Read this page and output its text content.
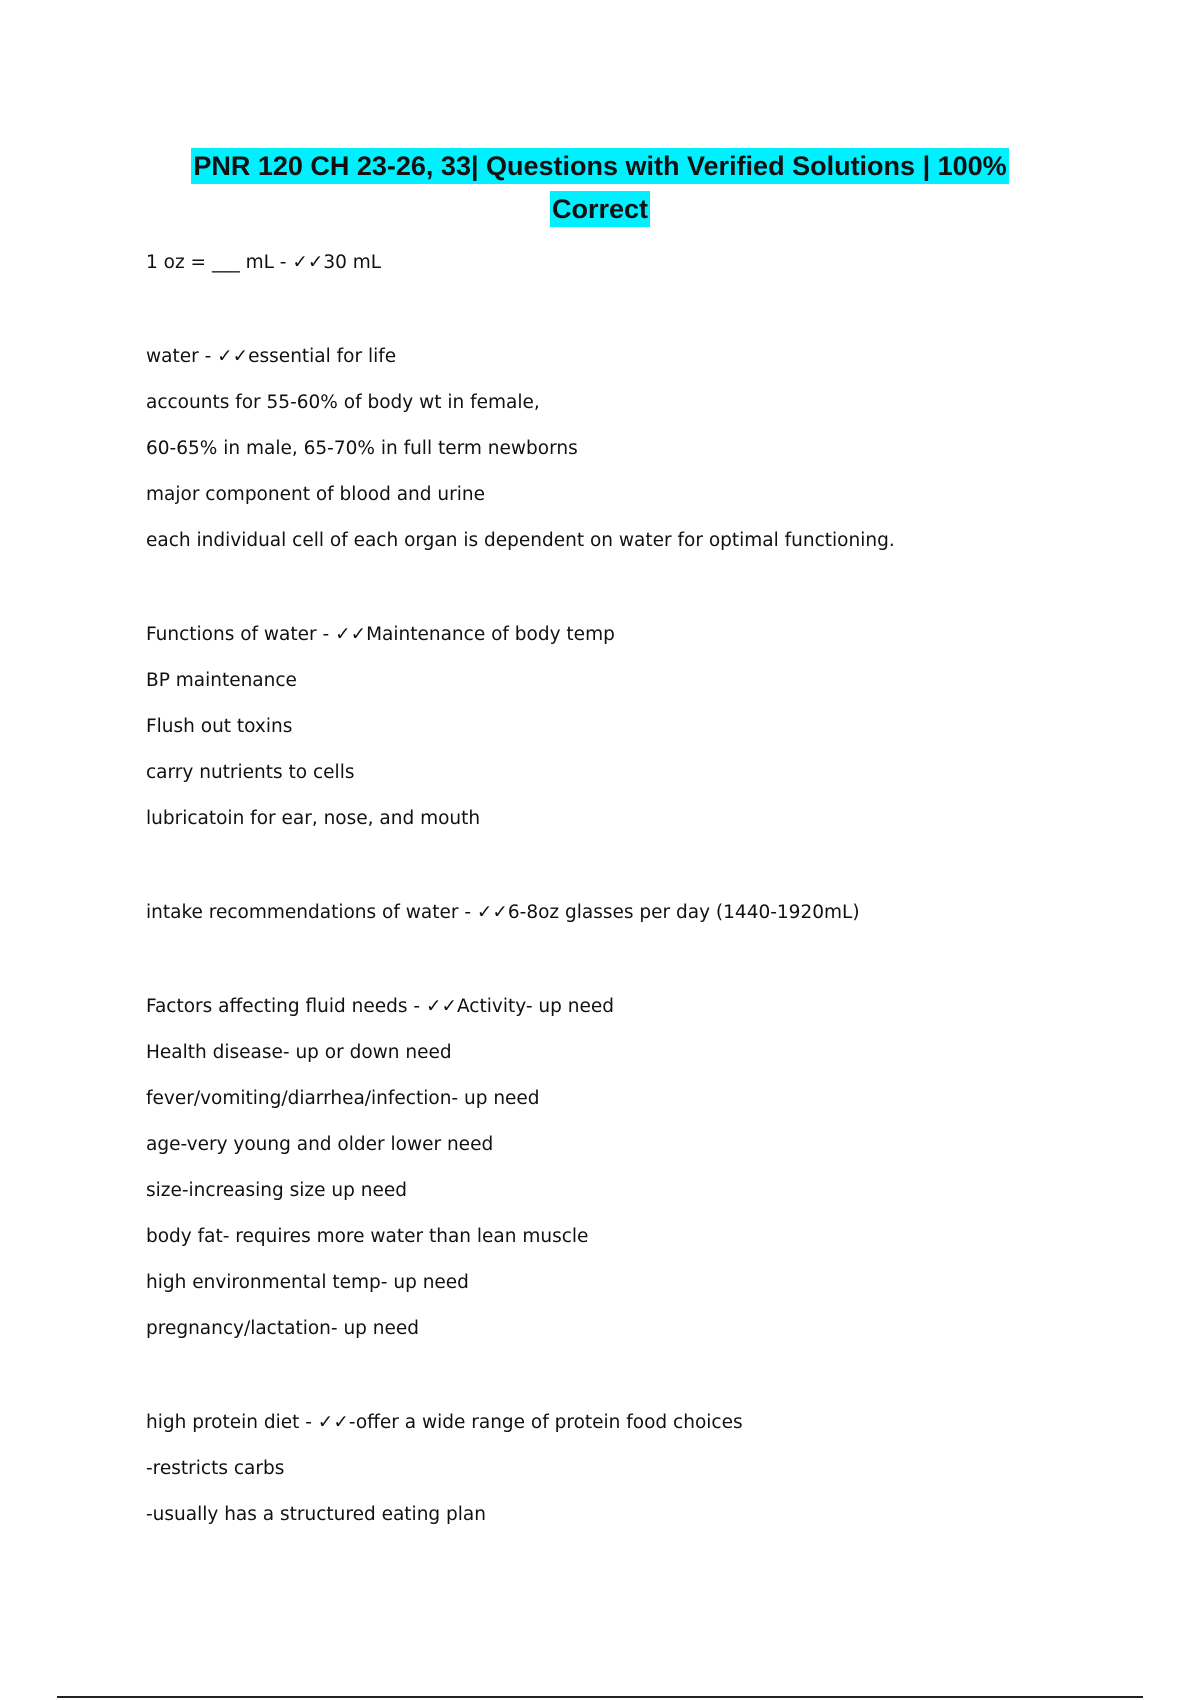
PNR 120 CH 23-26, 33| Questions with Verified Solutions | 100%
Correct
1 oz = ___ mL - ✓✓30 mL
water - ✓✓essential for life
accounts for 55-60% of body wt in female,
60-65% in male, 65-70% in full term newborns
major component of blood and urine
each individual cell of each organ is dependent on water for optimal functioning.
Functions of water - ✓✓Maintenance of body temp
BP maintenance
Flush out toxins
carry nutrients to cells
lubricatoin for ear, nose, and mouth
intake recommendations of water - ✓✓6-8oz glasses per day (1440-1920mL)
Factors affecting fluid needs - ✓✓Activity- up need
Health disease- up or down need
fever/vomiting/diarrhea/infection- up need
age-very young and older lower need
size-increasing size up need
body fat- requires more water than lean muscle
high environmental temp- up need
pregnancy/lactation- up need
high protein diet - ✓✓-offer a wide range of protein food choices
-restricts carbs
-usually has a structured eating plan
